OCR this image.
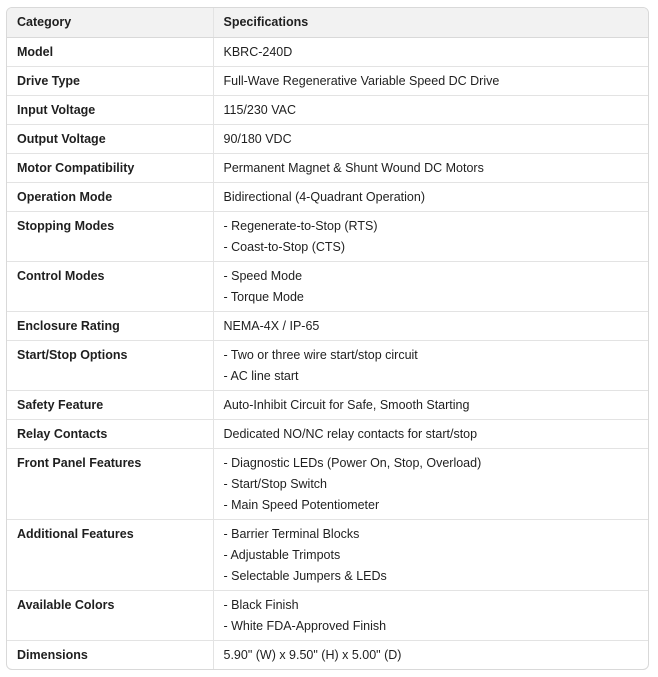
Category	Specifications
Model	KBRC-240D

Drive Type	Full-Wave Regenerative Variable Speed DC Drive

Input Voltage	115/230 VAC

Output Voltage	90/180 VDC

Motor Compatibility	Permanent Magnet & Shunt Wound DC Motors

Operation Mode	Bidirectional (4-Quadrant Operation)

Stopping Modes	- Regenerate-to-Stop (RTS)
- Coast-to-Stop (CTS)

Control Modes	- Speed Mode
- Torque Mode

Enclosure Rating	NEMA-4X / IP-65

Start/Stop Options	- Two or three wire start/stop circuit
- AC line start

Safety Feature	Auto-Inhibit Circuit for Safe, Smooth Starting

Relay Contacts	Dedicated NO/NC relay contacts for start/stop

Front Panel Features	- Diagnostic LEDs (Power On, Stop, Overload)
- Start/Stop Switch
- Main Speed Potentiometer

Additional Features	- Barrier Terminal Blocks
- Adjustable Trimpots
- Selectable Jumpers & LEDs

Available Colors	- Black Finish
- White FDA-Approved Finish

Dimensions	5.90" (W) x 9.50" (H) x 5.00" (D)
